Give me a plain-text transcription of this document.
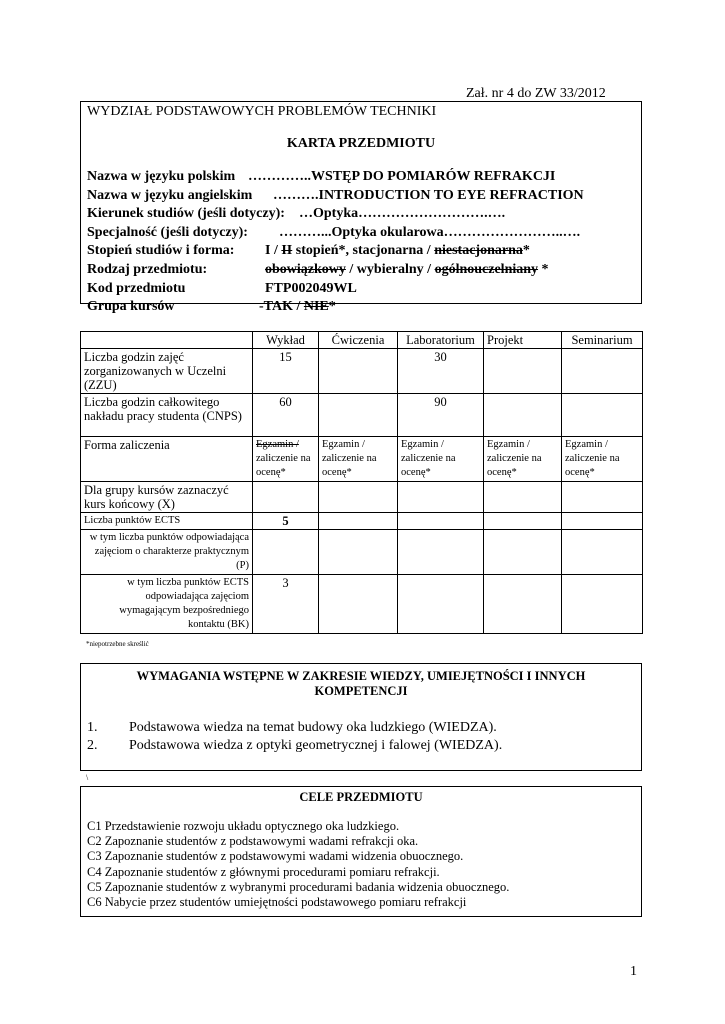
Zał. nr 4 do ZW 33/2012
WYDZIAŁ PODSTAWOWYCH PROBLEMÓW TECHNIKI
KARTA PRZEDMIOTU
Nazwa w języku polskim …………..WSTĘP DO POMIARÓW REFRAKCJI
Nazwa w języku angielskim ……….INTRODUCTION TO EYE REFRACTION
Kierunek studiów (jeśli dotyczy): …Optyka……………………….….
Specjalność (jeśli dotyczy): ………...Optyka okularowa……………………..….
Stopień studiów i forma: I / II stopień*, stacjonarna / niestacjonarna*
Rodzaj przedmiotu:	obowiązkowy / wybieralny / ogólnouczelniany *
Kod przedmiotu	FTP002049WL
Grupa kursów	-TAK / NIE*
	Wykład	Ćwiczenia	Laboratorium	Projekt	Seminarium
Liczba godzin zajęć zorganizowanych w Uczelni (ZZU)	15		30		
Liczba godzin całkowitego nakładu pracy studenta (CNPS)	60		90		
Forma zaliczenia	Egzamin / zaliczenie na ocenę*	Egzamin / zaliczenie na ocenę*	Egzamin / zaliczenie na ocenę*	Egzamin / zaliczenie na ocenę*	Egzamin / zaliczenie na ocenę*
Dla grupy kursów zaznaczyć kurs końcowy (X)					
Liczba punktów ECTS	5				
w tym liczba punktów odpowiadająca zajęciom o charakterze praktycznym (P)					
w tym liczba punktów ECTS odpowiadająca zajęciom wymagającym bezpośredniego kontaktu (BK)	3				
*niepotrzebne skreślić
WYMAGANIA WSTĘPNE W ZAKRESIE WIEDZY, UMIEJĘTNOŚCI I INNYCH KOMPETENCJI
1. Podstawowa wiedza na temat budowy oka ludzkiego (WIEDZA).
2. Podstawowa wiedza z optyki geometrycznej i falowej (WIEDZA).
\
CELE PRZEDMIOTU
C1 Przedstawienie rozwoju układu optycznego oka ludzkiego.
C2 Zapoznanie studentów z podstawowymi wadami refrakcji oka.
C3 Zapoznanie studentów z podstawowymi wadami widzenia obuocznego.
C4 Zapoznanie studentów z głównymi procedurami pomiaru refrakcji.
C5 Zapoznanie studentów z wybranymi procedurami badania widzenia obuocznego.
C6 Nabycie przez studentów umiejętności podstawowego pomiaru refrakcji
1
